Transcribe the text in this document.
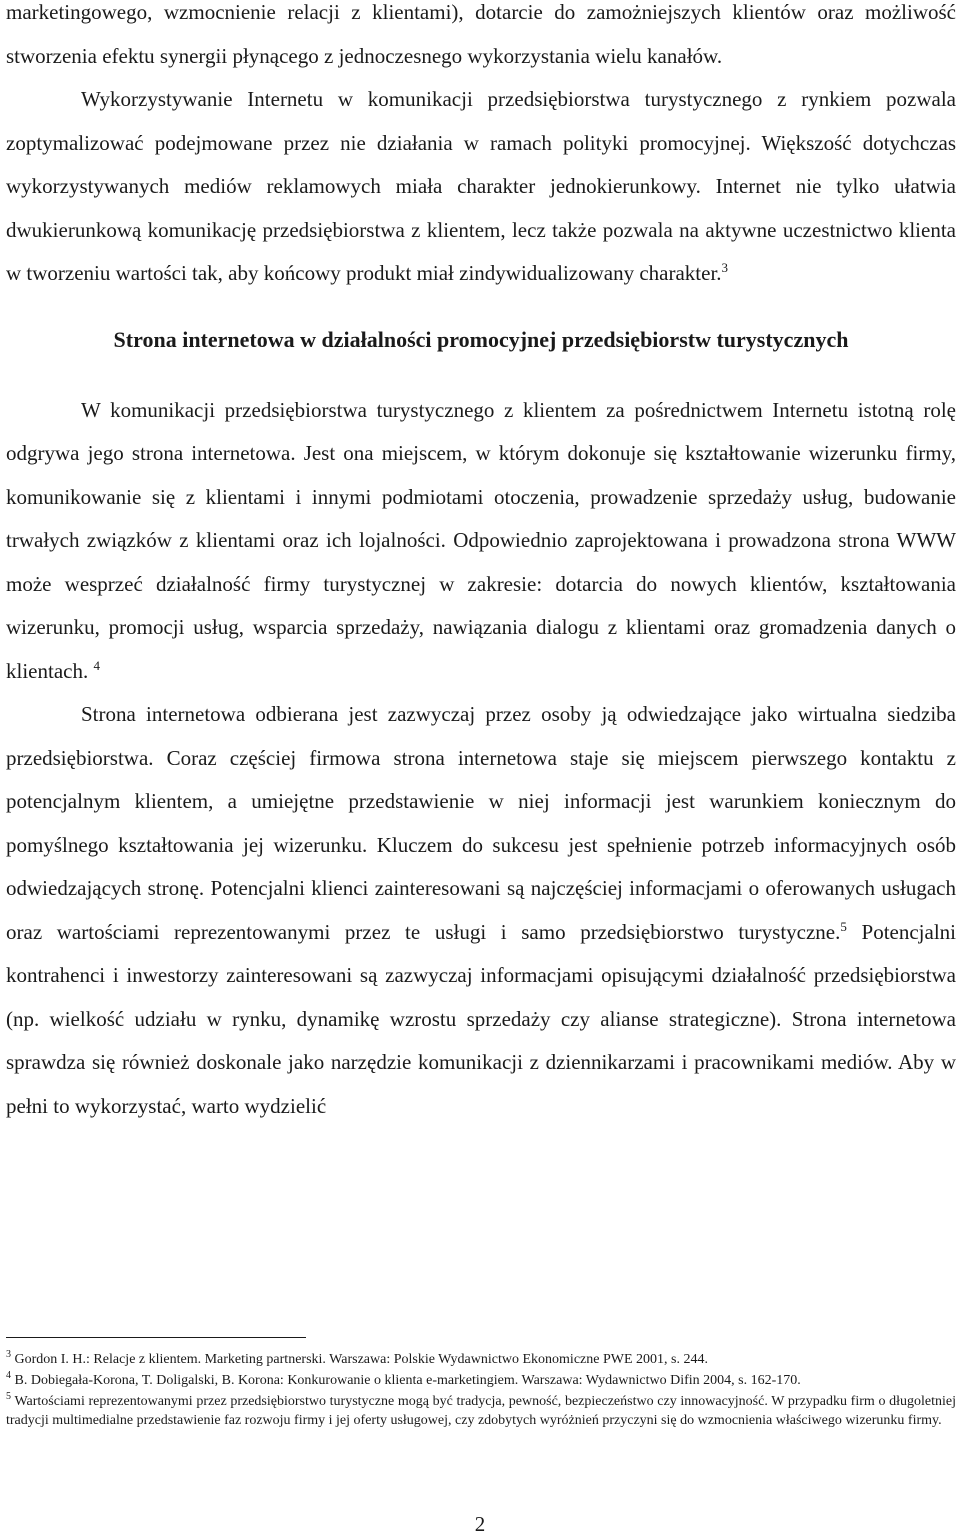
marketingowego, wzmocnienie relacji z klientami), dotarcie do zamożniejszych klientów oraz możliwość stworzenia efektu synergii płynącego z jednoczesnego wykorzystania wielu kanałów.

Wykorzystywanie Internetu w komunikacji przedsiębiorstwa turystycznego z rynkiem pozwala zoptymalizować podejmowane przez nie działania w ramach polityki promocyjnej. Większość dotychczas wykorzystywanych mediów reklamowych miała charakter jednokierunkowy. Internet nie tylko ułatwia dwukierunkową komunikację przedsiębiorstwa z klientem, lecz także pozwala na aktywne uczestnictwo klienta w tworzeniu wartości tak, aby końcowy produkt miał zindywidualizowany charakter.$^3$

Strona internetowa w działalności promocyjnej przedsiębiorstw turystycznych

W komunikacji przedsiębiorstwa turystycznego z klientem za pośrednictwem Internetu istotną rolę odgrywa jego strona internetowa. Jest ona miejscem, w którym dokonuje się kształtowanie wizerunku firmy, komunikowanie się z klientami i innymi podmiotami otoczenia, prowadzenie sprzedaży usług, budowanie trwałych związków z klientami oraz ich lojalności. Odpowiednio zaprojektowana i prowadzona strona WWW może wesprzeć działalność firmy turystycznej w zakresie: dotarcia do nowych klientów, kształtowania wizerunku, promocji usług, wsparcia sprzedaży, nawiązania dialogu z klientami oraz gromadzenia danych o klientach. $^4$

Strona internetowa odbierana jest zazwyczaj przez osoby ją odwiedzające jako wirtualna siedziba przedsiębiorstwa. Coraz częściej firmowa strona internetowa staje się miejscem pierwszego kontaktu z potencjalnym klientem, a umiejętne przedstawienie w niej informacji jest warunkiem koniecznym do pomyślnego kształtowania jej wizerunku. Kluczem do sukcesu jest spełnienie potrzeb informacyjnych osób odwiedzających stronę. Potencjalni klienci zainteresowani są najczęściej informacjami o oferowanych usługach oraz wartościami reprezentowanymi przez te usługi i samo przedsiębiorstwo turystyczne.$^5$ Potencjalni kontrahenci i inwestorzy zainteresowani są zazwyczaj informacjami opisującymi działalność przedsiębiorstwa (np. wielkość udziału w rynku, dynamikę wzrostu sprzedaży czy alianse strategiczne). Strona internetowa sprawdza się również doskonale jako narzędzie komunikacji z dziennikarzami i pracownikami mediów. Aby w pełni to wykorzystać, warto wydzielić

$^3$ Gordon I. H.: Relacje z klientem. Marketing partnerski. Warszawa: Polskie Wydawnictwo Ekonomiczne PWE 2001, s. 244.

$^4$ B. Dobiegała-Korona, T. Doligalski, B. Korona: Konkurowanie o klienta e-marketingiem. Warszawa: Wydawnictwo Difin 2004, s. 162-170.

$^5$ Wartościami reprezentowanymi przez przedsiębiorstwo turystyczne mogą być tradycja, pewność, bezpieczeństwo czy innowacyjność. W przypadku firm o długoletniej tradycji multimedialne przedstawienie faz rozwoju firmy i jej oferty usługowej, czy zdobytych wyróżnień przyczyni się do wzmocnienia właściwego wizerunku firmy.

2
